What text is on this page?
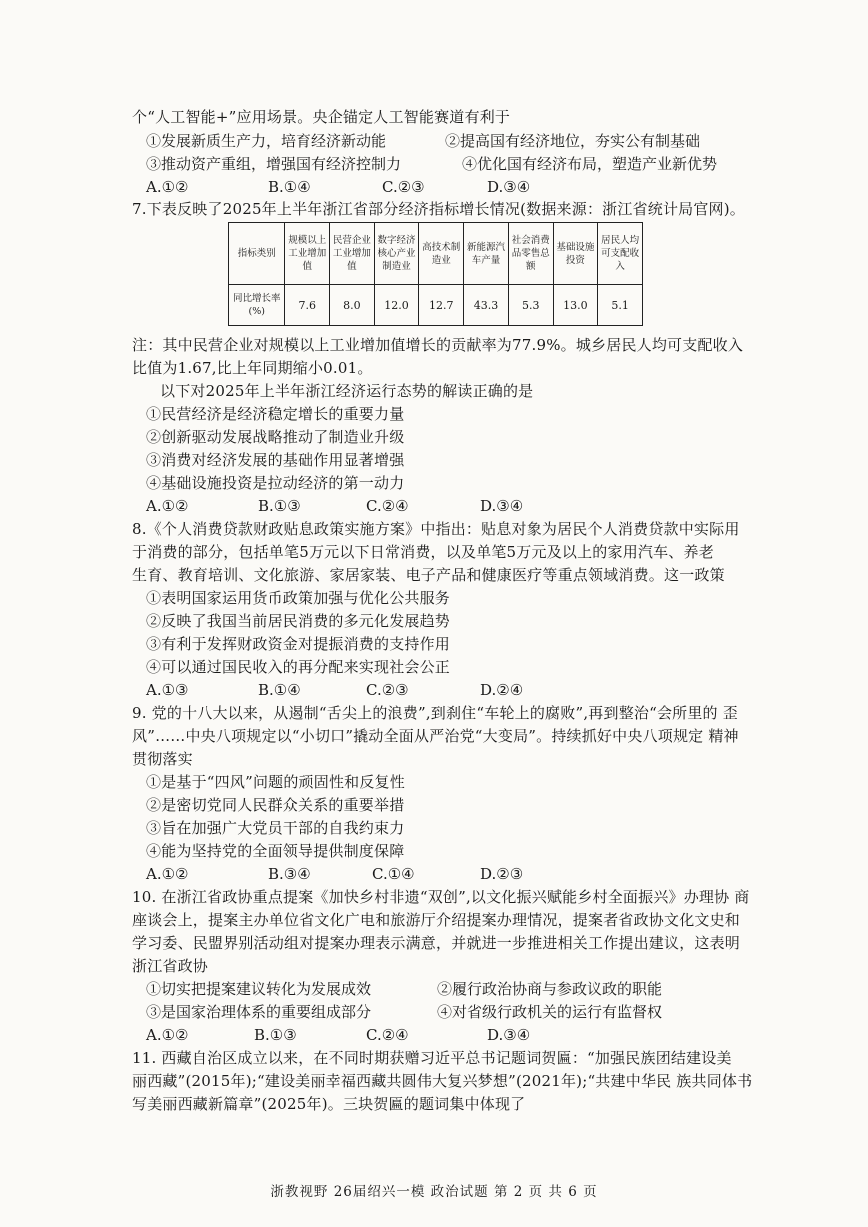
个“人工智能+”应用场景。央企锚定人工智能赛道有利于
①发展新质生产力，培育经济新动能	②提高国有经济地位，夯实公有制基础
③推动资产重组，增强国有经济控制力	④优化国有经济布局，塑造产业新优势
A.①②	B.①④	C.②③	D.③④
7.下表反映了2025年上半年浙江省部分经济指标增长情况(数据来源：浙江省统计局官网)。
指标类别	规模以上工业增加值	民营企业工业增加值	数字经济核心产业制造业	高技术制造业	新能源汽车产量	社会消费品零售总额	基础设施投资	居民人均可支配收入
同比增长率(%)	7.6	8.0	12.0	12.7	43.3	5.3	13.0	5.1
注：其中民营企业对规模以上工业增加值增长的贡献率为77.9%。城乡居民人均可支配收入
比值为1.67,比上年同期缩小0.01。
以下对2025年上半年浙江经济运行态势的解读正确的是
①民营经济是经济稳定增长的重要力量
②创新驱动发展战略推动了制造业升级
③消费对经济发展的基础作用显著增强
④基础设施投资是拉动经济的第一动力
A.①②	B.①③	C.②④	D.③④
8.《个人消费贷款财政贴息政策实施方案》中指出：贴息对象为居民个人消费贷款中实际用
于消费的部分，包括单笔5万元以下日常消费，以及单笔5万元及以上的家用汽车、养老
生育、教育培训、文化旅游、家居家装、电子产品和健康医疗等重点领域消费。这一政策
①表明国家运用货币政策加强与优化公共服务
②反映了我国当前居民消费的多元化发展趋势
③有利于发挥财政资金对提振消费的支持作用
④可以通过国民收入的再分配来实现社会公正
A.①③	B.①④	C.②③	D.②④
9. 党的十八大以来，从遏制“舌尖上的浪费”,到刹住“车轮上的腐败”,再到整治“会所里的 歪
风”……中央八项规定以“小切口”撬动全面从严治党“大变局”。持续抓好中央八项规定 精神
贯彻落实
①是基于“四风”问题的顽固性和反复性
②是密切党同人民群众关系的重要举措
③旨在加强广大党员干部的自我约束力
④能为坚持党的全面领导提供制度保障
A.①②	B.③④	C.①④	D.②③
10. 在浙江省政协重点提案《加快乡村非遗“双创”,以文化振兴赋能乡村全面振兴》办理协 商
座谈会上，提案主办单位省文化广电和旅游厅介绍提案办理情况，提案者省政协文化文史和
学习委、民盟界别活动组对提案办理表示满意，并就进一步推进相关工作提出建议，这表明
浙江省政协
①切实把提案建议转化为发展成效	②履行政治协商与参政议政的职能
③是国家治理体系的重要组成部分	④对省级行政机关的运行有监督权
A.①②	B.①③	C.②④	D.③④
11. 西藏自治区成立以来，在不同时期获赠习近平总书记题词贺匾：“加强民族团结建设美
丽西藏”(2015年);“建设美丽幸福西藏共圆伟大复兴梦想”(2021年);“共建中华民 族共同体书
写美丽西藏新篇章”(2025年)。三块贺匾的题词集中体现了
浙教视野 26届绍兴一模 政治试题 第 2 页 共 6 页
